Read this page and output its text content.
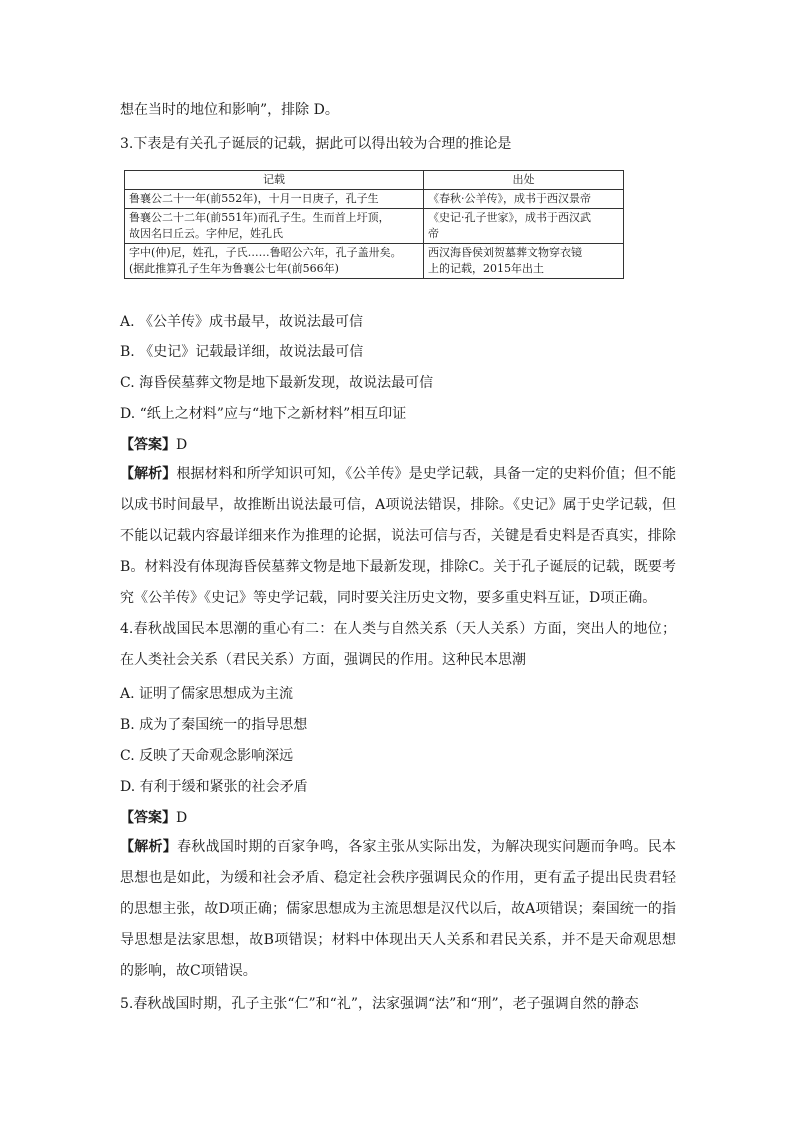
想在当时的地位和影响”，排除 D。
3.下表是有关孔子诞辰的记载，据此可以得出较为合理的推论是
记载	出处

鲁襄公二十一年(前552年)，十月一日庚子，孔子生	《春秋·公羊传》，成书于西汉景帝

鲁襄公二十二年(前551年)而孔子生。生而首上圩顶，
故因名曰丘云。字仲尼，姓孔氏	《史记·孔子世家》，成书于西汉武
帝

字中(仲)尼，姓孔，子氏……鲁昭公六年，孔子盖卅矣。
(据此推算孔子生年为鲁襄公七年(前566年)	西汉海昏侯刘贺墓葬文物穿衣镜
上的记载，2015年出土
A. 《公羊传》成书最早，故说法最可信
B. 《史记》记载最详细，故说法最可信
C. 海昏侯墓葬文物是地下最新发现，故说法最可信
D. “纸上之材料”应与“地下之新材料”相互印证
【答案】D
【解析】根据材料和所学知识可知，《公羊传》是史学记载，具备一定的史料价值；但不能以成书时间最早，故推断出说法最可信，A项说法错误，排除。《史记》属于史学记载，但不能以记载内容最详细来作为推理的论据，说法可信与否，关键是看史料是否真实，排除B。材料没有体现海昏侯墓葬文物是地下最新发现，排除C。关于孔子诞辰的记载，既要考究《公羊传》《史记》等史学记载，同时要关注历史文物，要多重史料互证，D项正确。
4.春秋战国民本思潮的重心有二：在人类与自然关系（天人关系）方面，突出人的地位；在人类社会关系（君民关系）方面，强调民的作用。这种民本思潮
A. 证明了儒家思想成为主流
B. 成为了秦国统一的指导思想
C. 反映了天命观念影响深远
D. 有利于缓和紧张的社会矛盾
【答案】D
【解析】春秋战国时期的百家争鸣，各家主张从实际出发，为解决现实问题而争鸣。民本思想也是如此，为缓和社会矛盾、稳定社会秩序强调民众的作用，更有孟子提出民贵君轻的思想主张，故D项正确；儒家思想成为主流思想是汉代以后，故A项错误；秦国统一的指导思想是法家思想，故B项错误；材料中体现出天人关系和君民关系，并不是天命观思想的影响，故C项错误。
5.春秋战国时期，孔子主张“仁”和“礼”，法家强调“法”和“刑”，老子强调自然的静态
